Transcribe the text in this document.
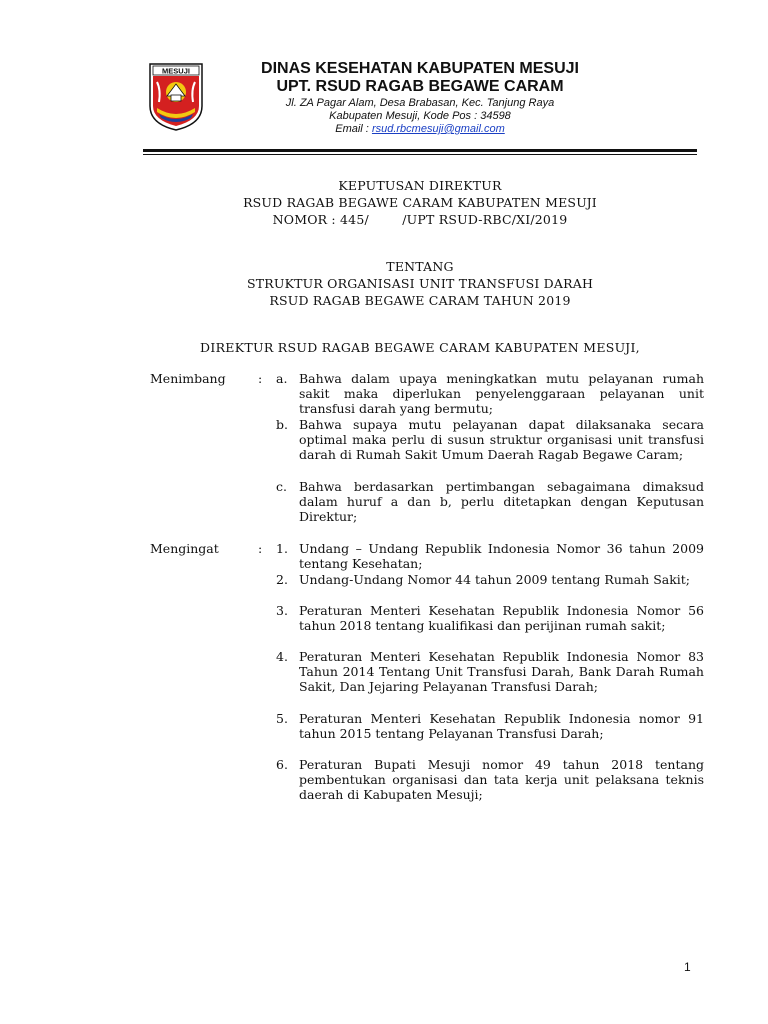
MESUJI	DINAS KESEHATAN KABUPATEN MESUJI
UPT. RSUD RAGAB BEGAWE CARAM
Jl. ZA Pagar Alam, Desa Brabasan, Kec. Tanjung Raya
Kabupaten Mesuji, Kode Pos : 34598
Email : rsud.rbcmesuji@gmail.com
KEPUTUSAN DIREKTUR
RSUD RAGAB BEGAWE CARAM KABUPATEN MESUJI
NOMOR : 445/        /UPT RSUD-RBC/XI/2019
TENTANG
STRUKTUR ORGANISASI UNIT TRANSFUSI DARAH
RSUD RAGAB BEGAWE CARAM TAHUN 2019
DIREKTUR RSUD RAGAB BEGAWE CARAM KABUPATEN MESUJI,
Menimbang	:	a. Bahwa dalam upaya meningkatkan mutu pelayanan rumah sakit maka diperlukan penyelenggaraan pelayanan unit transfusi darah yang bermutu;
b. Bahwa supaya mutu pelayanan dapat dilaksanaka secara optimal maka perlu di susun struktur organisasi unit transfusi darah di Rumah Sakit Umum Daerah Ragab Begawe Caram;
c. Bahwa berdasarkan pertimbangan sebagaimana dimaksud dalam huruf a dan b, perlu ditetapkan dengan Keputusan Direktur;
Mengingat	:	1. Undang – Undang Republik Indonesia Nomor 36 tahun 2009 tentang Kesehatan;
2. Undang-Undang Nomor 44 tahun 2009 tentang Rumah Sakit;
3. Peraturan Menteri Kesehatan Republik Indonesia Nomor 56 tahun 2018 tentang kualifikasi dan perijinan rumah sakit;
4. Peraturan Menteri Kesehatan Republik Indonesia Nomor 83 Tahun 2014 Tentang Unit Transfusi Darah, Bank Darah Rumah Sakit, Dan Jejaring Pelayanan Transfusi Darah;
5. Peraturan Menteri Kesehatan Republik Indonesia nomor 91 tahun 2015 tentang Pelayanan Transfusi Darah;
6. Peraturan Bupati Mesuji nomor 49 tahun 2018 tentang pembentukan organisasi dan tata kerja unit pelaksana teknis daerah di Kabupaten Mesuji;
1
